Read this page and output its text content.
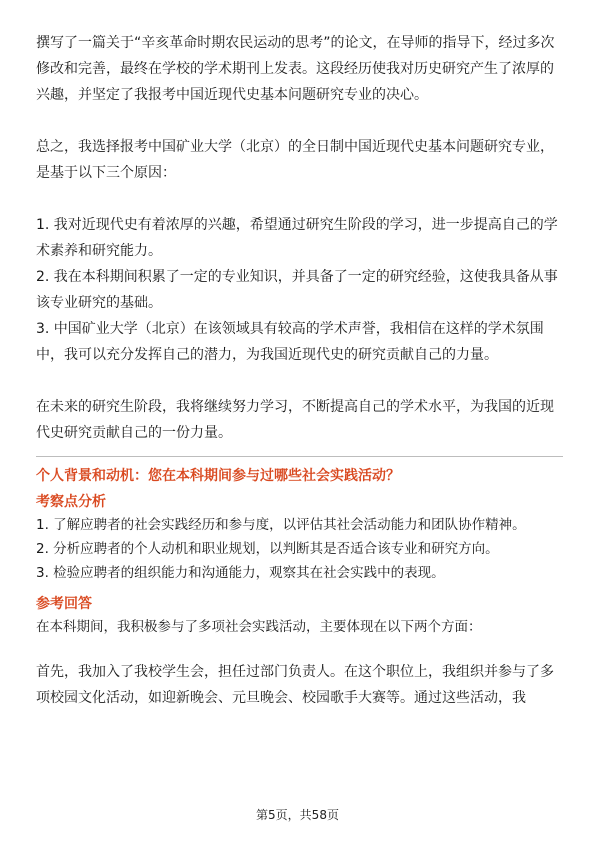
撰写了一篇关于“辛亥革命时期农民运动的思考”的论文，在导师的指导下，经过多次修改和完善，最终在学校的学术期刊上发表。这段经历使我对历史研究产生了浓厚的兴趣，并坚定了我报考中国近现代史基本问题研究专业的决心。

总之，我选择报考中国矿业大学（北京）的全日制中国近现代史基本问题研究专业，是基于以下三个原因：

1. 我对近现代史有着浓厚的兴趣，希望通过研究生阶段的学习，进一步提高自己的学术素养和研究能力。

2. 我在本科期间积累了一定的专业知识，并具备了一定的研究经验，这使我具备从事该专业研究的基础。

3. 中国矿业大学（北京）在该领域具有较高的学术声誉，我相信在这样的学术氛围中，我可以充分发挥自己的潜力，为我国近现代史的研究贡献自己的力量。

在未来的研究生阶段，我将继续努力学习，不断提高自己的学术水平，为我国的近现代史研究贡献自己的一份力量。

个人背景和动机：您在本科期间参与过哪些社会实践活动？
考察点分析

1. 了解应聘者的社会实践经历和参与度，以评估其社会活动能力和团队协作精神。

2. 分析应聘者的个人动机和职业规划，以判断其是否适合该专业和研究方向。

3. 检验应聘者的组织能力和沟通能力，观察其在社会实践中的表现。

参考回答

在本科期间，我积极参与了多项社会实践活动，主要体现在以下两个方面：

首先，我加入了我校学生会，担任过部门负责人。在这个职位上，我组织并参与了多项校园文化活动，如迎新晚会、元旦晚会、校园歌手大赛等。通过这些活动，我

第5页，共58页
